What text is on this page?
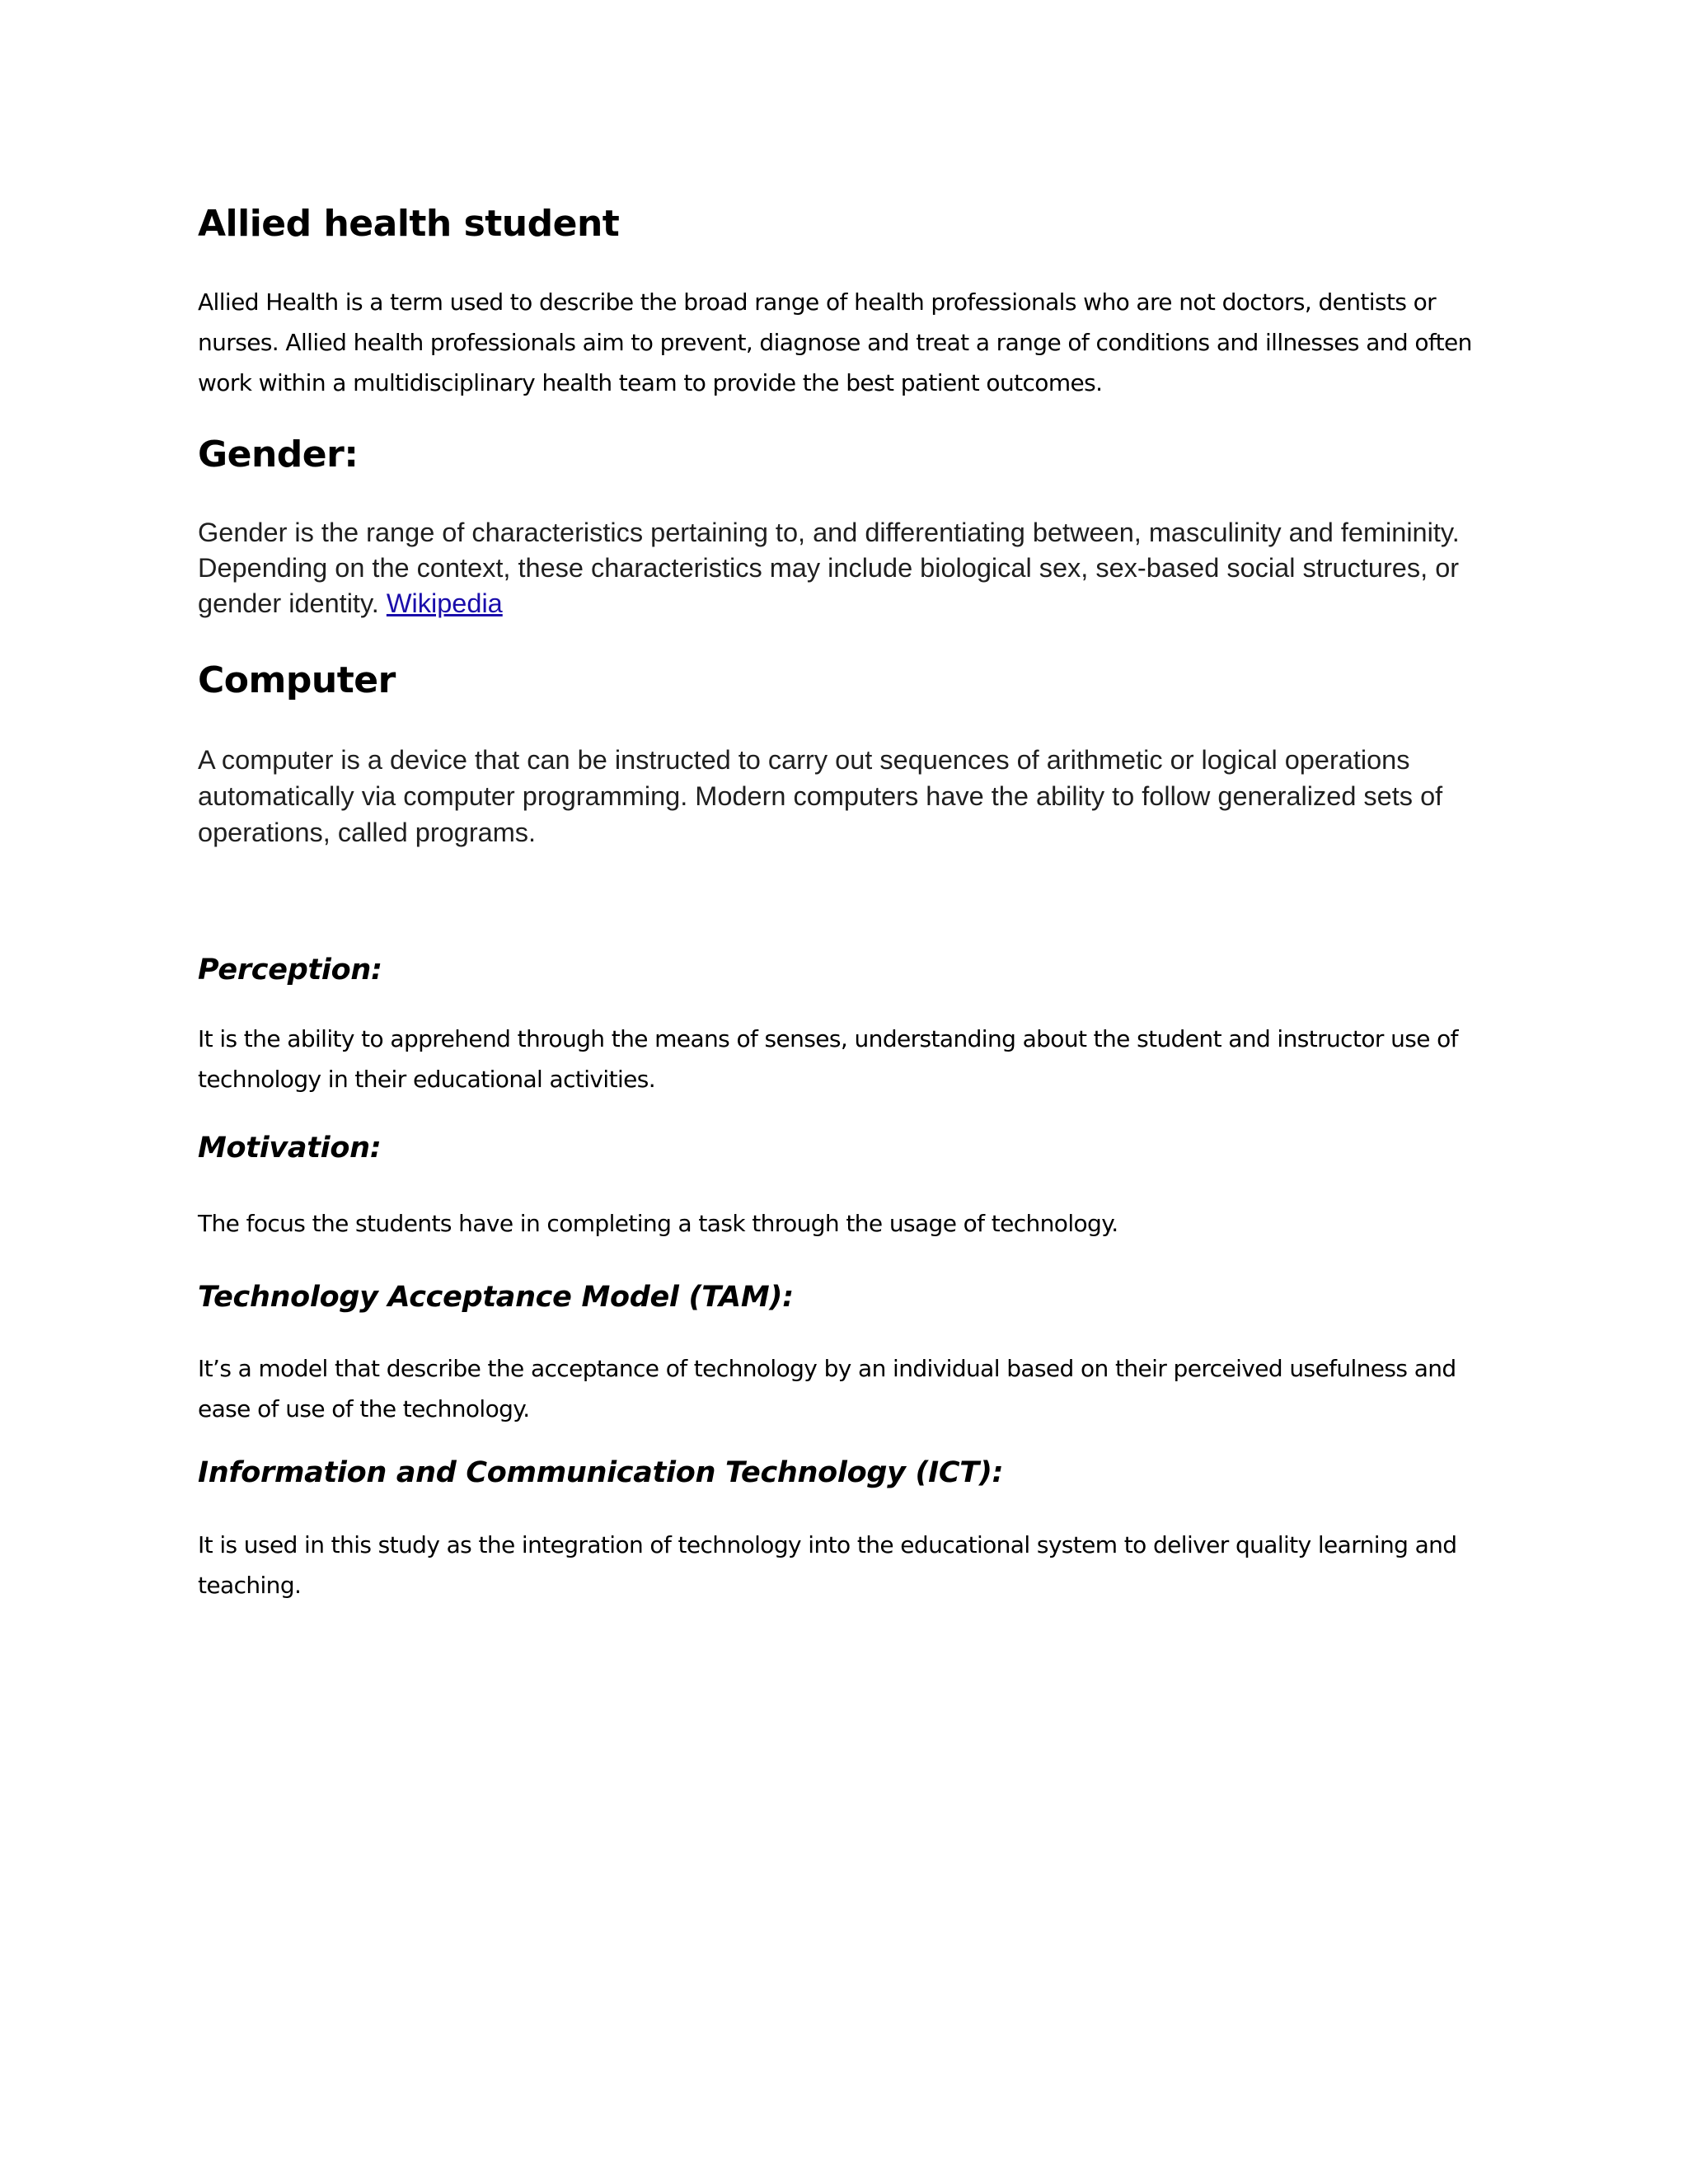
Allied health student

Allied Health is a term used to describe the broad range of health professionals who are not doctors, dentists or nurses. Allied health professionals aim to prevent, diagnose and treat a range of conditions and illnesses and often work within a multidisciplinary health team to provide the best patient outcomes.

Gender:

Gender is the range of characteristics pertaining to, and differentiating between, masculinity and femininity. Depending on the context, these characteristics may include biological sex, sex-based social structures, or gender identity. Wikipedia

Computer

A computer is a device that can be instructed to carry out sequences of arithmetic or logical operations automatically via computer programming. Modern computers have the ability to follow generalized sets of operations, called programs.

Perception:

It is the ability to apprehend through the means of senses, understanding about the student and instructor use of technology in their educational activities.

Motivation:

The focus the students have in completing a task through the usage of technology.

Technology Acceptance Model (TAM):

It’s a model that describe the acceptance of technology by an individual based on their perceived usefulness and ease of use of the technology.

Information and Communication Technology (ICT):

It is used in this study as the integration of technology into the educational system to deliver quality learning and teaching.
